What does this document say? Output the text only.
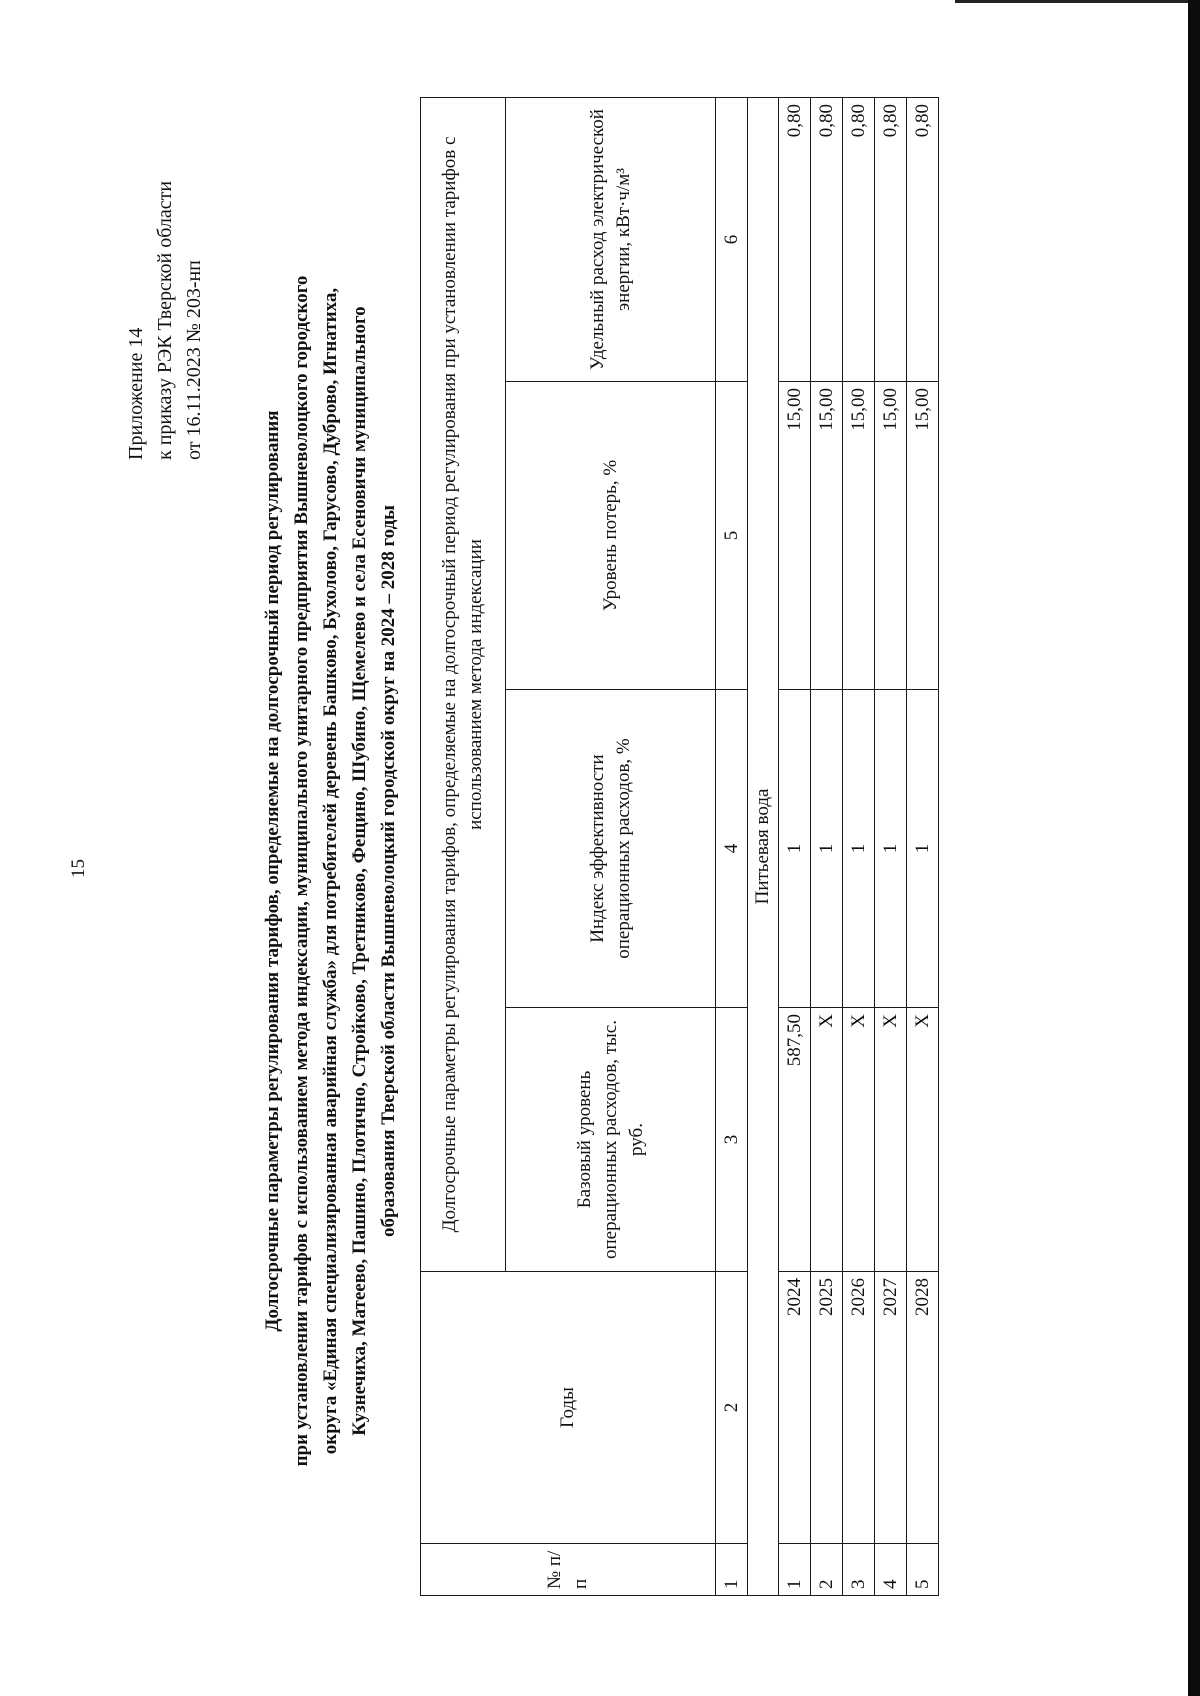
15
Приложение 14 к приказу РЭК Тверской области от 16.11.2023 № 203-нп
Долгосрочные параметры регулирования тарифов, определяемые на долгосрочный период регулирования при установлении тарифов с использованием метода индексации, муниципального унитарного предприятия Вышневолоцкого городского округа «Единая специализированная аварийная служба» для потребителей деревень Башково, Бухолово, Гарусово, Дуброво, Игнатиха, Кузнечиха, Матеево, Пашино, Плотично, Стройково, Третниково, Фещино, Шубино, Щемелево и села Есеновичи муниципального образования Тверской области Вышневолоцкий городской округ на 2024 – 2028 годы
№ п/п	Годы	Долгосрочные параметры регулирования тарифов, определяемые на долгосрочный период регулирования при установлении тарифов с использованием метода индексации			
		Базовый уровень операционных расходов, тыс. руб.	Индекс эффективности операционных расходов, %	Уровень потерь, %	Удельный расход электрической энергии, кВт·ч/м³
1	2	3	4	5	6
Питьевая вода					
1	2024	587,50	1	15,00	0,80
2	2025	Х	1	15,00	0,80
3	2026	Х	1	15,00	0,80
4	2027	Х	1	15,00	0,80
5	2028	Х	1	15,00	0,80
